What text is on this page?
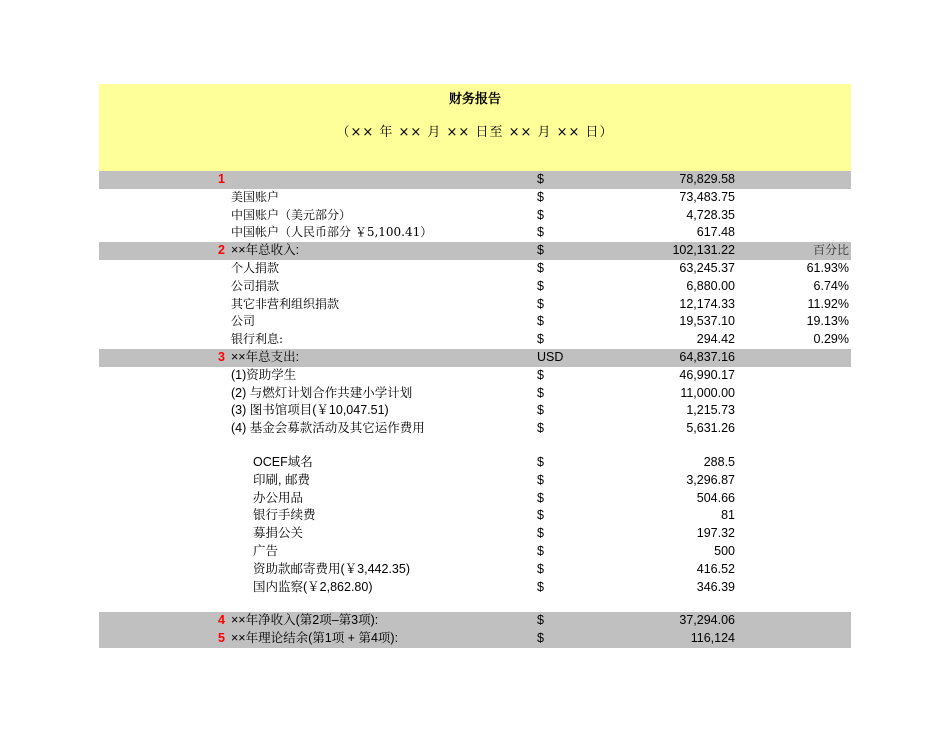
财务报告
（×× 年 ×× 月 ×× 日至 ×× 月 ×× 日）
1	$	78,829.58
美国账户	$	73,483.75
中国账户（美元部分）	$	4,728.35
中国帐户（人民币部分 ￥5,100.41）	$	617.48
2 ××年总收入:	$	102,131.22	百分比
个人捐款	$	63,245.37	61.93%
公司捐款	$	6,880.00	6.74%
其它非营利组织捐款	$	12,174.33	11.92%
公司	$	19,537.10	19.13%
银行利息:	$	294.42	0.29%
3 ××年总支出:	USD	64,837.16
(1)资助学生	$	46,990.17
(2) 与燃灯计划合作共建小学计划	$	11,000.00
(3) 图书馆项目(￥10,047.51)	$	1,215.73
(4) 基金会募款活动及其它运作费用	$	5,631.26
OCEF域名	$	288.5
印刷, 邮费	$	3,296.87
办公用品	$	504.66
银行手续费	$	81
募捐公关	$	197.32
广告	$	500
资助款邮寄费用(￥3,442.35)	$	416.52
国内监察(￥2,862.80)	$	346.39
4 ××年净收入(第2项–第3项):	$	37,294.06
5 ××年理论结余(第1项 + 第4项):	$	116,124
